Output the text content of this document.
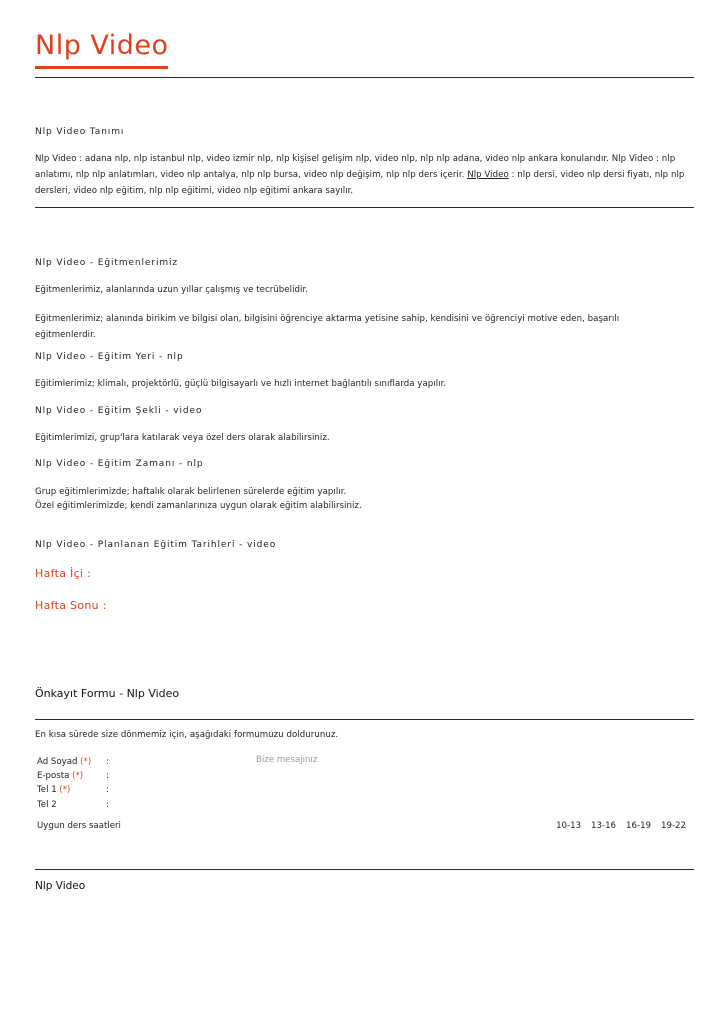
Nlp Video
Nlp Video Tanımı
Nlp Video : adana nlp, nlp istanbul nlp, video izmir nlp, nlp kişisel gelişim nlp, video nlp, nlp nlp adana, video nlp ankara konularıdır. Nlp Video : nlp anlatımı, nlp nlp anlatımları, video nlp antalya, nlp nlp bursa, video nlp değişim, nlp nlp ders içerir. Nlp Video : nlp dersi, video nlp dersi fiyatı, nlp nlp dersleri, video nlp eğitim, nlp nlp eğitimi, video nlp eğitimi ankara sayılır.
Nlp Video - Eğitmenlerimiz
Eğitmenlerimiz, alanlarında uzun yıllar çalışmış ve tecrübelidir.
Eğitmenlerimiz; alanında birikim ve bilgisi olan, bilgisini öğrenciye aktarma yetisine sahip, kendisini ve öğrenciyi motive eden, başarılı eğitmenlerdir.
Nlp Video - Eğitim Yeri - nlp
Eğitimlerimiz; klimalı, projektörlü, güçlü bilgisayarlı ve hızlı internet bağlantılı sınıflarda yapılır.
Nlp Video - Eğitim Şekli - video
Eğitimlerimizi, grup'lara katılarak veya özel ders olarak alabilirsiniz.
Nlp Video - Eğitim Zamanı - nlp
Grup eğitimlerimizde; haftalık olarak belirlenen sürelerde eğitim yapılır.
Özel eğitimlerimizde; kendi zamanlarınıza uygun olarak eğitim alabilirsiniz.
Nlp Video - Planlanan Eğitim Tarihleri - video
Hafta İçi :
Hafta Sonu :
Önkayıt Formu - Nlp Video
En kısa sürede size dönmemiz için, aşağıdaki formumuzu doldurunuz.
Ad Soyad (*) :
E-posta (*)	:
Tel 1 (*)	:
Tel 2	:
Bize mesajınız
Uygun ders saatleri	10-13 13-16 16-19 19-22
Nlp Video
